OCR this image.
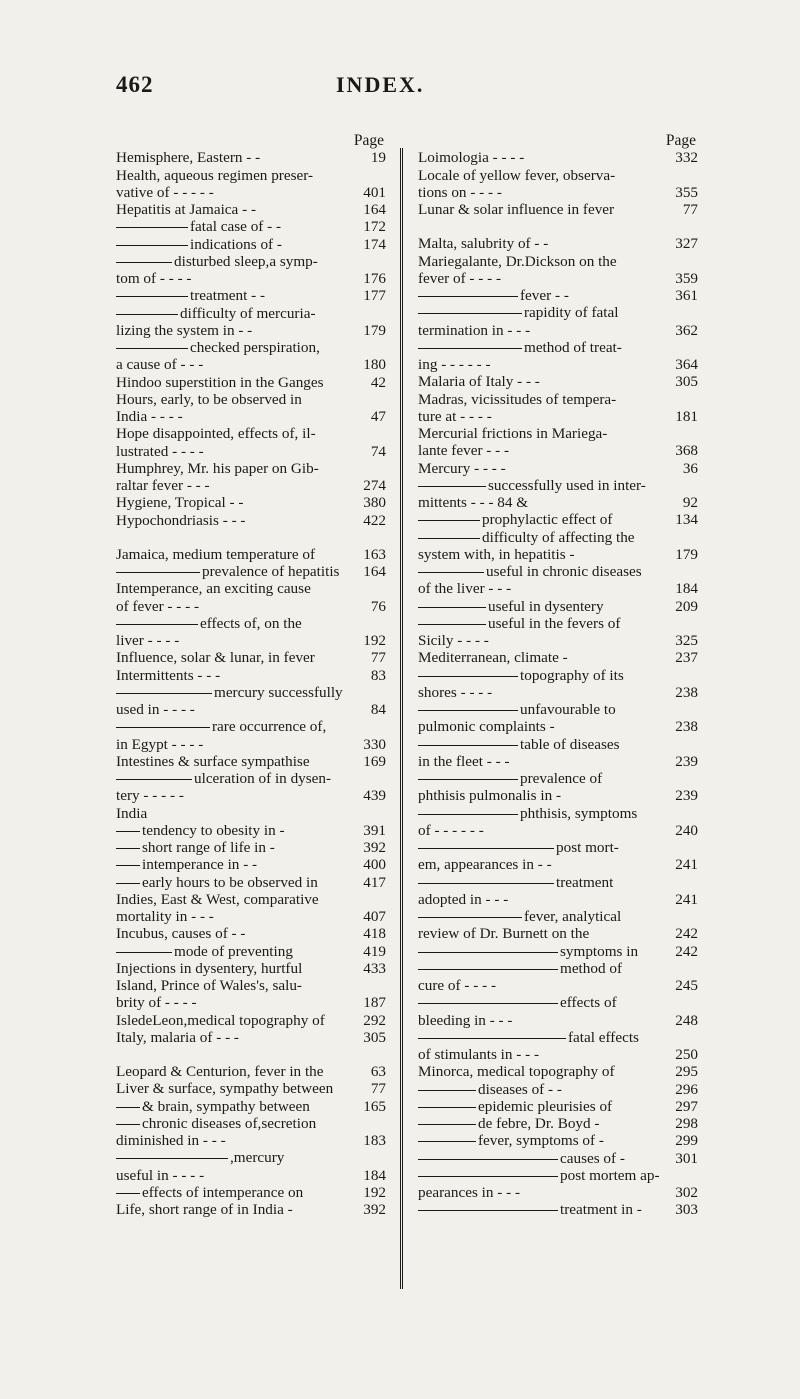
462	INDEX.
Page
Hemisphere, Eastern - -	19
Health, aqueous regimen preser-
vative of - - - - -	401
Hepatitis at Jamaica - -	164
fatal case of - -	172
indications of -	174
disturbed sleep,a symp-
tom of - - - -	176
treatment - -	177
difficulty of mercuria-
lizing the system in - -	179
checked perspiration,
a cause of - - -	180
Hindoo superstition in the Ganges	42
Hours, early, to be observed in
India - - - -	47
Hope disappointed, effects of, il-
lustrated - - - -	74
Humphrey, Mr. his paper on Gib-
raltar fever - - -	274
Hygiene, Tropical - -	380
Hypochondriasis - - -	422
Jamaica, medium temperature of	163
prevalence of hepatitis 164
Intemperance, an exciting cause
of fever - - - -	76
effects of, on the
liver - - - -	192
Influence, solar & lunar, in fever	77
Intermittents - - -	83
mercury successfully
used in - - - -	84
rare occurrence of,
in Egypt - - - -	330
Intestines & surface sympathise	169
ulceration of in dysen-
tery - - - - -	439
India
tendency to obesity in -	391
short range of life in -	392
intemperance in - -	400
early hours to be observed in	417
Indies, East & West, comparative
mortality in - - -	407
Incubus, causes of - -	418
mode of preventing	419
Injections in dysentery, hurtful	433
Island, Prince of Wales's, salu-
brity of - - - -	187
IsledeLeon,medical topography of	292
Italy, malaria of - - -	305
Leopard & Centurion, fever in the	63
Liver & surface, sympathy between 77
& brain, sympathy between	165
chronic diseases of,secretion
diminished in - - -	183
,mercury
useful in - - - -	184
effects of intemperance on	192
Life, short range of in India -	392
Page
Loimologia - - - -	332
Locale of yellow fever, observa-
tions on - - - -	355
Lunar & solar influence in fever	77
Malta, salubrity of - -	327
Mariegalante, Dr.Dickson on the
fever of - - - -	359
fever - -	361
rapidity of fatal
termination in - - -	362
method of treat-
ing - - - - - -	364
Malaria of Italy - - -	305
Madras, vicissitudes of tempera-
ture at - - - -	181
Mercurial frictions in Mariega-
lante fever - - -	368
Mercury - - - -	36
successfully used in inter-
mittents - - - 84 &	92
prophylactic effect of	134
difficulty of affecting the
system with, in hepatitis -	179
useful in chronic diseases
of the liver - - -	184
useful in dysentery	209
useful in the fevers of
Sicily - - - -	325
Mediterranean, climate -	237
topography of its
shores - - - -	238
unfavourable to
pulmonic complaints -	238
table of diseases
in the fleet - - -	239
prevalence of
phthisis pulmonalis in -	239
phthisis, symptoms
of - - - - - -	240
post mort-
em, appearances in - -	241
treatment
adopted in - - -	241
fever, analytical
review of Dr. Burnett on the	242
symptoms in 242
method of
cure of - - - -	245
effects of
bleeding in - - -	248
fatal effects
of stimulants in - - -	250
Minorca, medical topography of	295
diseases of - -	296
epidemic pleurisies of	297
de febre, Dr. Boyd -	298
fever, symptoms of -	299
causes of -	301
post mortem ap-
pearances in - - -	302
treatment in - 303
